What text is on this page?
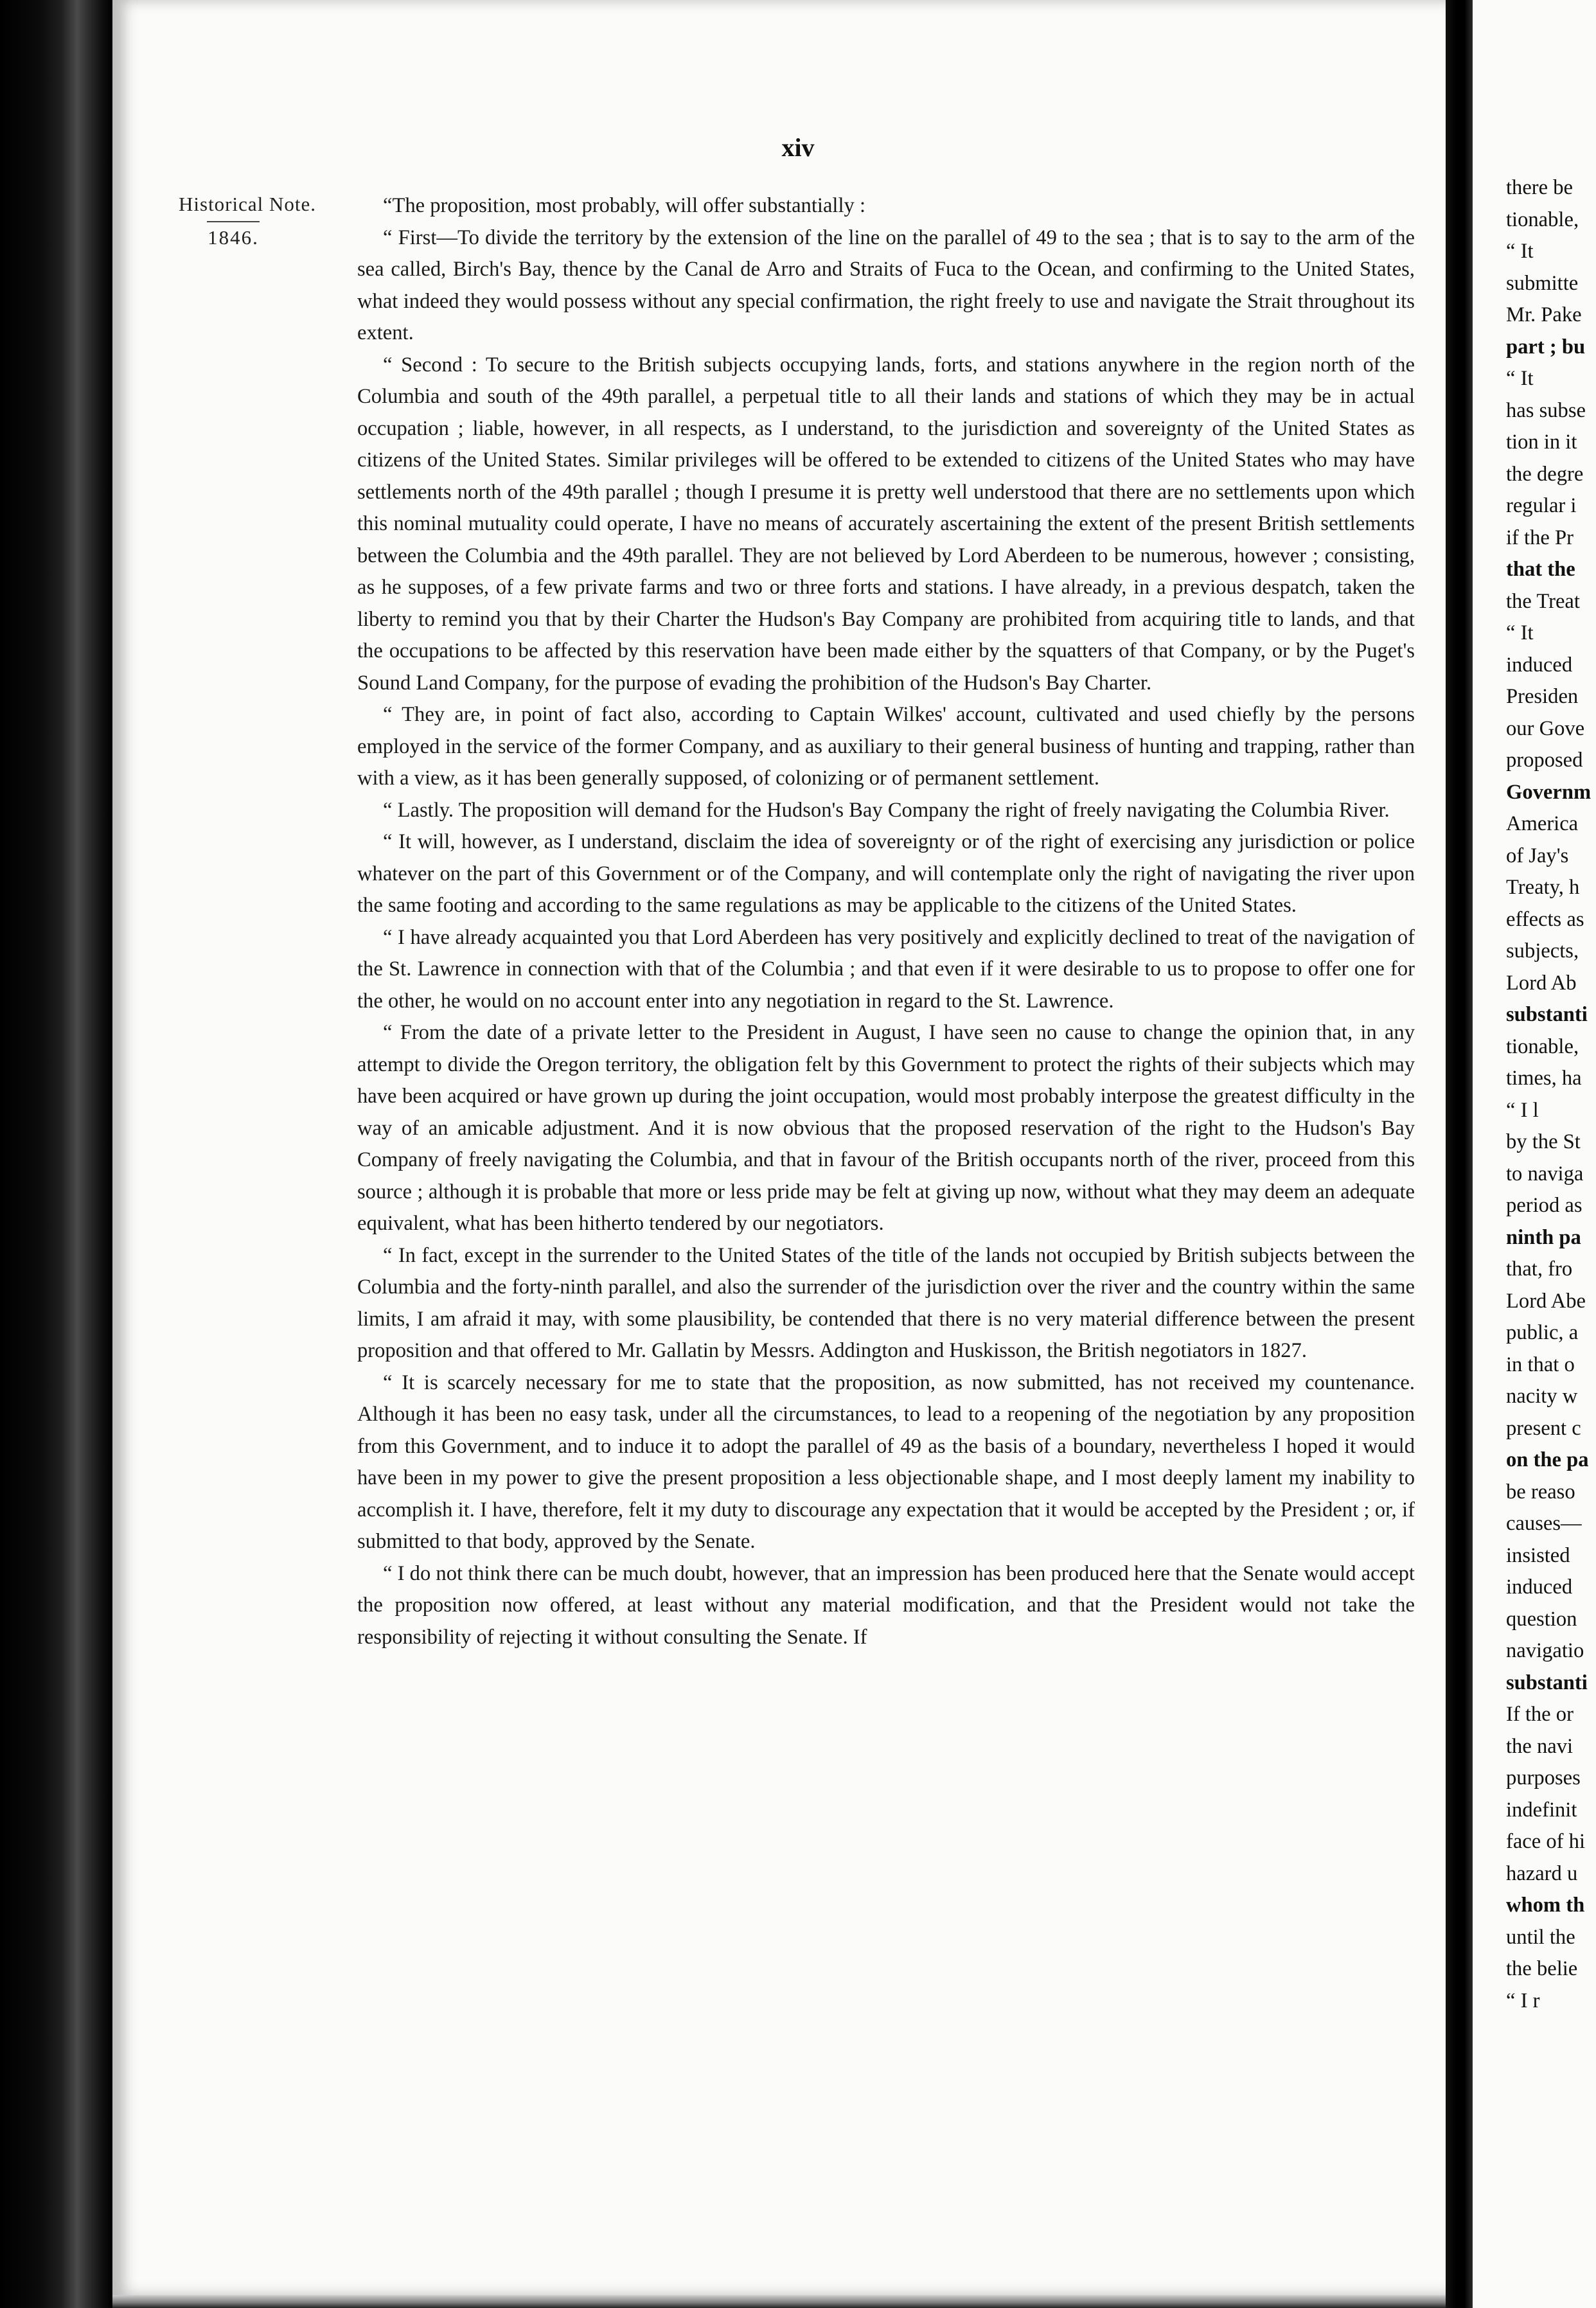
xiv
Historical Note.
1846.

“The proposition, most probably, will offer substantially :

“ First—To divide the territory by the extension of the line on the parallel of 49 to the sea ; that is to say to the arm of the sea called, Birch's Bay, thence by the Canal de Arro and Straits of Fuca to the Ocean, and confirming to the United States, what indeed they would possess without any special confirmation, the right freely to use and navigate the Strait throughout its extent.

“ Second : To secure to the British subjects occupying lands, forts, and stations anywhere in the region north of the Columbia and south of the 49th parallel, a perpetual title to all their lands and stations of which they may be in actual occupation ; liable, however, in all respects, as I understand, to the jurisdiction and sovereignty of the United States as citizens of the United States. Similar privileges will be offered to be extended to citizens of the United States who may have settlements north of the 49th parallel ; though I presume it is pretty well understood that there are no settlements upon which this nominal mutuality could operate, I have no means of accurately ascertaining the extent of the present British settlements between the Columbia and the 49th parallel. They are not believed by Lord Aberdeen to be numerous, however ; consisting, as he supposes, of a few private farms and two or three forts and stations. I have already, in a previous despatch, taken the liberty to remind you that by their Charter the Hudson's Bay Company are prohibited from acquiring title to lands, and that the occupations to be affected by this reservation have been made either by the squatters of that Company, or by the Puget's Sound Land Company, for the purpose of evading the prohibition of the Hudson's Bay Charter.

“ They are, in point of fact also, according to Captain Wilkes' account, cultivated and used chiefly by the persons employed in the service of the former Company, and as auxiliary to their general business of hunting and trapping, rather than with a view, as it has been generally supposed, of colonizing or of permanent settlement.

“ Lastly. The proposition will demand for the Hudson's Bay Company the right of freely navigating the Columbia River.

“ It will, however, as I understand, disclaim the idea of sovereignty or of the right of exercising any jurisdiction or police whatever on the part of this Government or of the Company, and will contemplate only the right of navigating the river upon the same footing and according to the same regulations as may be applicable to the citizens of the United States.

“ I have already acquainted you that Lord Aberdeen has very positively and explicitly declined to treat of the navigation of the St. Lawrence in connection with that of the Columbia ; and that even if it were desirable to us to propose to offer one for the other, he would on no account enter into any negotiation in regard to the St. Lawrence.

“ From the date of a private letter to the President in August, I have seen no cause to change the opinion that, in any attempt to divide the Oregon territory, the obligation felt by this Government to protect the rights of their subjects which may have been acquired or have grown up during the joint occupation, would most probably interpose the greatest difficulty in the way of an amicable adjustment. And it is now obvious that the proposed reservation of the right to the Hudson's Bay Company of freely navigating the Columbia, and that in favour of the British occupants north of the river, proceed from this source ; although it is probable that more or less pride may be felt at giving up now, without what they may deem an adequate equivalent, what has been hitherto tendered by our negotiators.

“ In fact, except in the surrender to the United States of the title of the lands not occupied by British subjects between the Columbia and the forty-ninth parallel, and also the surrender of the jurisdiction over the river and the country within the same limits, I am afraid it may, with some plausibility, be contended that there is no very material difference between the present proposition and that offered to Mr. Gallatin by Messrs. Addington and Huskisson, the British negotiators in 1827.

“ It is scarcely necessary for me to state that the proposition, as now submitted, has not received my countenance. Although it has been no easy task, under all the circumstances, to lead to a reopening of the negotiation by any proposition from this Government, and to induce it to adopt the parallel of 49 as the basis of a boundary, nevertheless I hoped it would have been in my power to give the present proposition a less objectionable shape, and I most deeply lament my inability to accomplish it. I have, therefore, felt it my duty to discourage any expectation that it would be accepted by the President ; or, if submitted to that body, approved by the Senate.

“ I do not think there can be much doubt, however, that an impression has been produced here that the Senate would accept the proposition now offered, at least without any material modification, and that the President would not take the responsibility of rejecting it without consulting the Senate. If

there be
tionable,
“ It
submitte
Mr. Pake
part ; bu
“ It
has subse
tion in it
the degre
regular i
if the Pr
that the
the Treat
“ It
induced
Presiden
our Gove
proposed
Governm
America
of Jay's
Treaty, h
effects as
subjects,
Lord Ab
substanti
tionable,
times, ha
“ I l
by the St
to naviga
period as
ninth pa
that, fro
Lord Abe
public, a
in that o
nacity w
present c
on the pa
be reaso
causes—
insisted
induced
question
navigatio
substanti
If the or
the navi
purposes
indefinit
face of hi
hazard u
whom th
until the
the belie
“ I r
